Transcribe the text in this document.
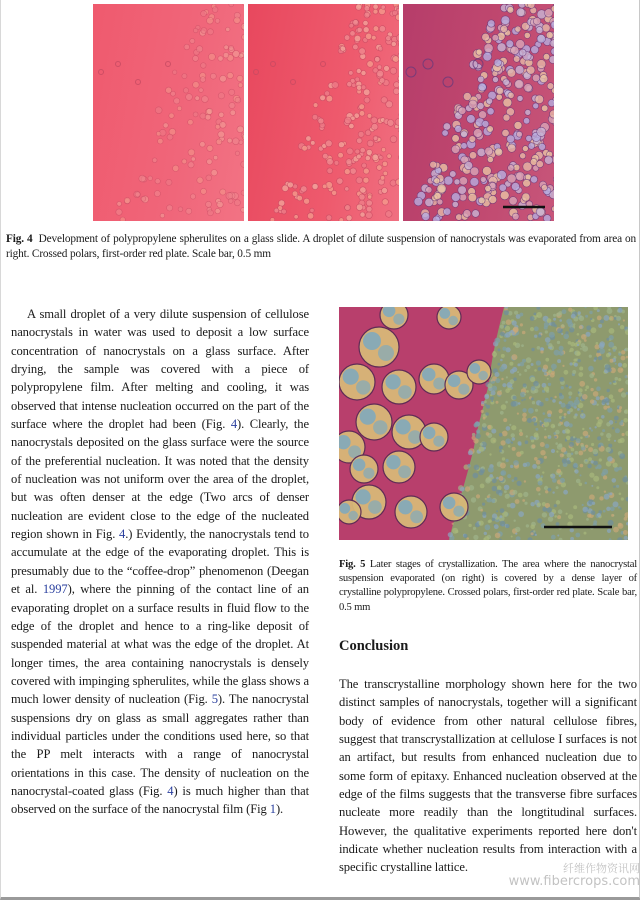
Fig. 4 Development of polypropylene spherulites on a glass slide. A droplet of dilute suspension of nanocrystals was evaporated from area on right. Crossed polars, first-order red plate. Scale bar, 0.5 mm

A small droplet of a very dilute suspension of cellulose nanocrystals in water was used to deposit a low surface concentration of nanocrystals on a glass surface. After drying, the sample was covered with a piece of polypropylene film. After melting and cooling, it was observed that intense nucleation occurred on the part of the surface where the droplet had been (Fig. 4). Clearly, the nanocrystals deposited on the glass surface were the source of the preferential nucleation. It was noted that the density of nucleation was not uniform over the area of the droplet, but was often denser at the edge (Two arcs of denser nucleation are evident close to the edge of the nucleated region shown in Fig. 4.) Evidently, the nanocrystals tend to accumulate at the edge of the evaporating droplet. This is presumably due to the “coffee-drop” phenomenon (Deegan et al. 1997), where the pinning of the contact line of an evaporating droplet on a surface results in fluid flow to the edge of the droplet and hence to a ring-like deposit of suspended material at what was the edge of the droplet. At longer times, the area containing nanocrystals is densely covered with impinging spherulites, while the glass shows a much lower density of nucleation (Fig. 5). The nanocrystal suspensions dry on glass as small aggregates rather than individual particles under the conditions used here, so that the PP melt interacts with a range of nanocrystal orientations in this case. The density of nucleation on the nanocrystal-coated glass (Fig. 4) is much higher than that observed on the surface of the nanocrystal film (Fig 1).

Fig. 5 Later stages of crystallization. The area where the nanocrystal suspension evaporated (on right) is covered by a dense layer of crystalline polypropylene. Crossed polars, first-order red plate. Scale bar, 0.5 mm
Conclusion

The transcrystalline morphology shown here for the two distinct samples of nanocrystals, together will a significant body of evidence from other natural cellulose fibres, suggest that transcrystallization at cellulose I surfaces is not an artifact, but results from enhanced nucleation due to some form of epitaxy. Enhanced nucleation observed at the edge of the films suggests that the transverse fibre surfaces nucleate more readily than the longtitudinal surfaces. However, the qualitative experiments reported here don't indicate whether nucleation results from interaction with a specific crystalline lattice.	纤维作物资讯网
www.fibercrops.com
